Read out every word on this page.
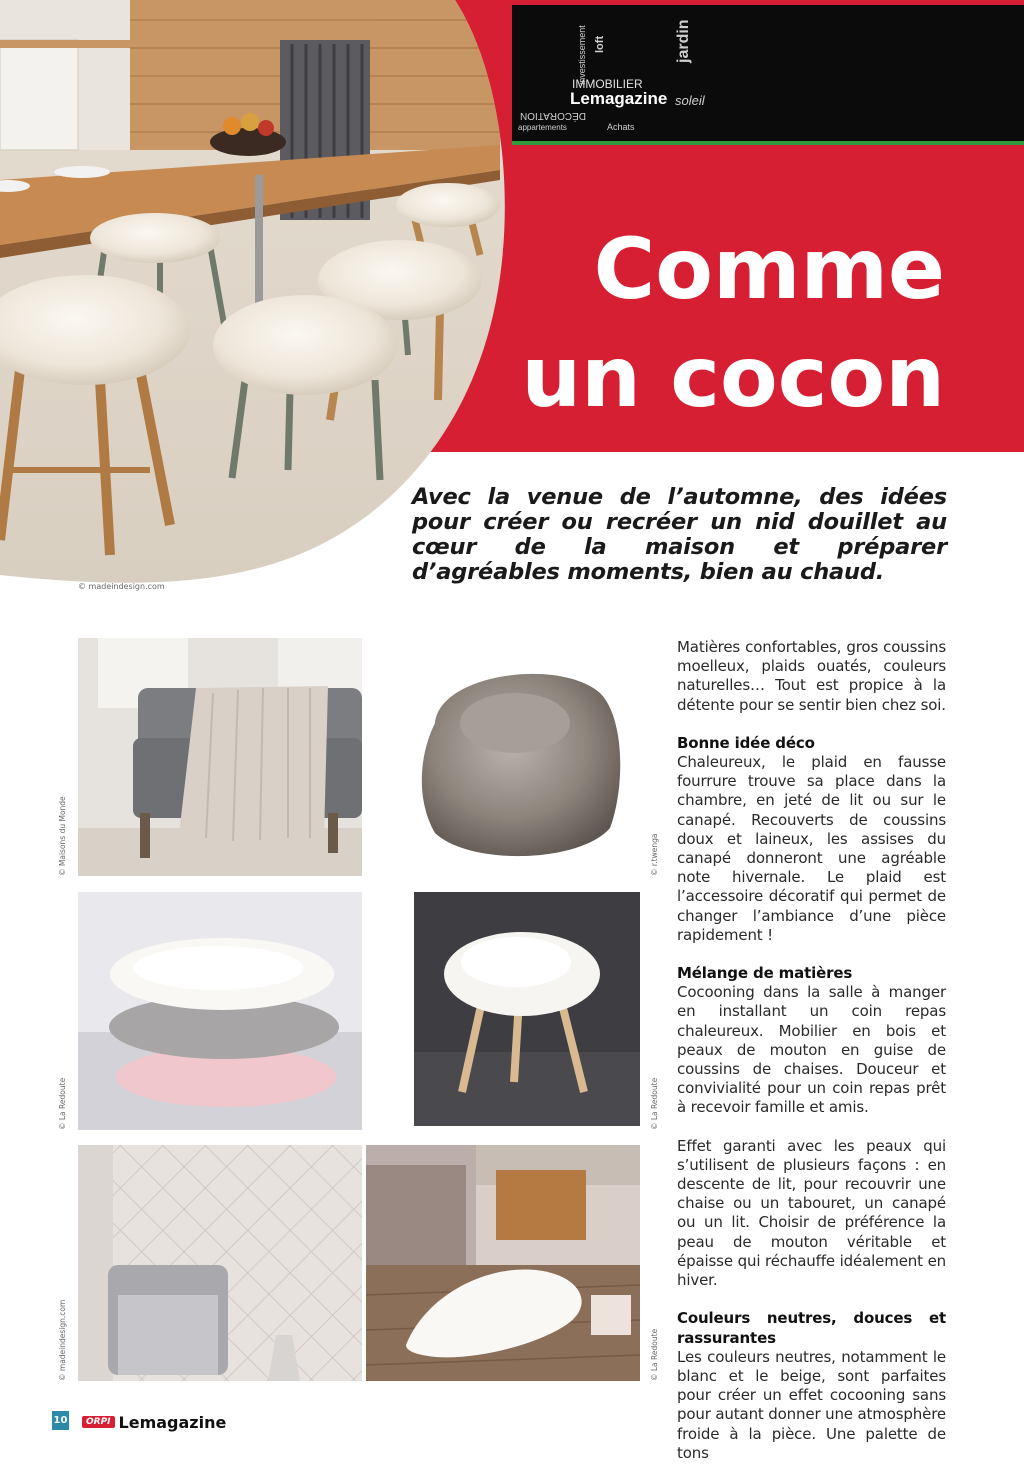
investissement
IMMOBILIER
Lemagazine
DÉCORATION
appartements	Achats
jardin
soleil
loft
© madeindesign.com
Comme
un cocon
Avec la venue de l’automne, des idées pour créer ou recréer un nid douillet au cœur de la maison et préparer d’agréables moments, bien au chaud.
© Maisons du Monde	© r.twenga
© La Redoute	© La Redoute
© madeindesign.com	© La Redoute

Matières confortables, gros coussins moelleux, plaids ouatés, couleurs naturelles… Tout est propice à la détente pour se sentir bien chez soi.

Bonne idée déco

Chaleureux, le plaid en fausse fourrure trouve sa place dans la chambre, en jeté de lit ou sur le canapé. Recouverts de coussins doux et laineux, les assises du canapé donneront une agréable note hivernale. Le plaid est l’accessoire décoratif qui permet de changer l’ambiance d’une pièce rapidement !

Mélange de matières

Cocooning dans la salle à manger en installant un coin repas chaleureux. Mobilier en bois et peaux de mouton en guise de coussins de chaises. Douceur et convivialité pour un coin repas prêt à recevoir famille et amis.

Effet garanti avec les peaux qui s’utilisent de plusieurs façons : en descente de lit, pour recouvrir une chaise ou un tabouret, un canapé ou un lit. Choisir de préférence la peau de mouton véritable et épaisse qui réchauffe idéalement en hiver.

Couleurs neutres, douces et rassurantes

Les couleurs neutres, notamment le blanc et le beige, sont parfaites pour créer un effet cocooning sans pour autant donner une atmosphère froide à la pièce. Une palette de tons

10	ORPI Lemagazine
